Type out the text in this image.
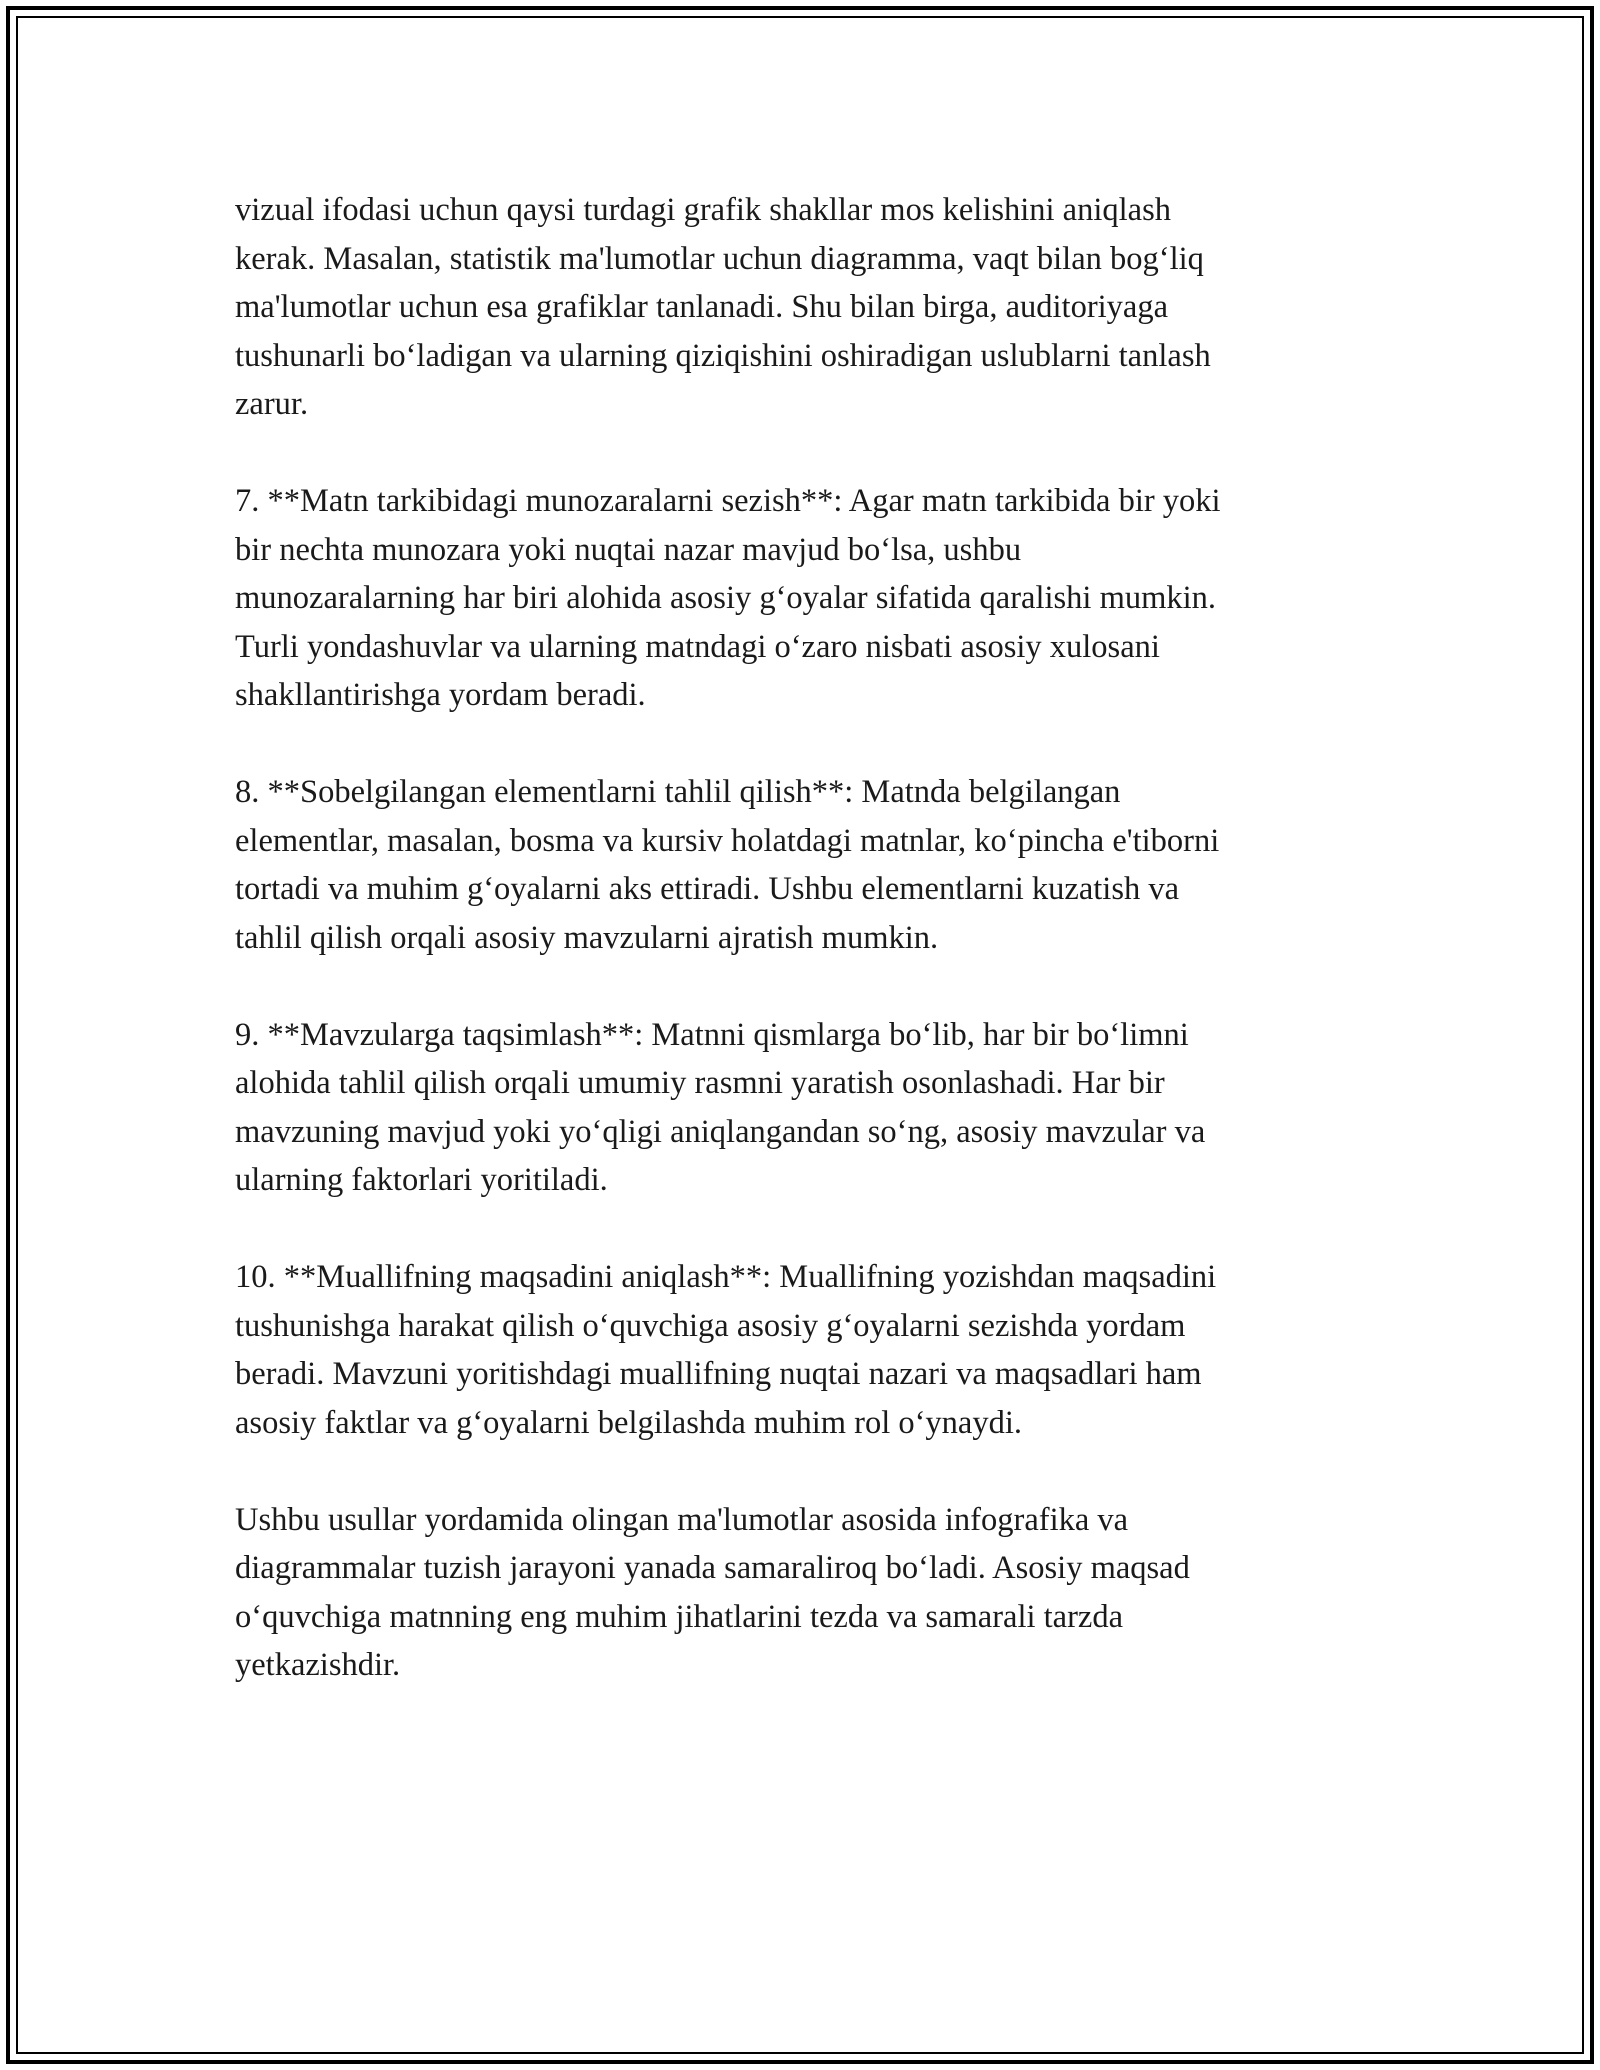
vizual ifodasi uchun qaysi turdagi grafik shakllar mos kelishini aniqlash
kerak. Masalan, statistik ma'lumotlar uchun diagramma, vaqt bilan bog‘liq
ma'lumotlar uchun esa grafiklar tanlanadi. Shu bilan birga, auditoriyaga
tushunarli bo‘ladigan va ularning qiziqishini oshiradigan uslublarni tanlash
zarur.

7. **Matn tarkibidagi munozaralarni sezish**: Agar matn tarkibida bir yoki
bir nechta munozara yoki nuqtai nazar mavjud bo‘lsa, ushbu
munozaralarning har biri alohida asosiy g‘oyalar sifatida qaralishi mumkin.
Turli yondashuvlar va ularning matndagi o‘zaro nisbati asosiy xulosani
shakllantirishga yordam beradi.

8. **Sobelgilangan elementlarni tahlil qilish**: Matnda belgilangan
elementlar, masalan, bosma va kursiv holatdagi matnlar, ko‘pincha e'tiborni
tortadi va muhim g‘oyalarni aks ettiradi. Ushbu elementlarni kuzatish va
tahlil qilish orqali asosiy mavzularni ajratish mumkin.

9. **Mavzularga taqsimlash**: Matnni qismlarga bo‘lib, har bir bo‘limni
alohida tahlil qilish orqali umumiy rasmni yaratish osonlashadi. Har bir
mavzuning mavjud yoki yo‘qligi aniqlangandan so‘ng, asosiy mavzular va
ularning faktorlari yoritiladi.

10. **Muallifning maqsadini aniqlash**: Muallifning yozishdan maqsadini
tushunishga harakat qilish o‘quvchiga asosiy g‘oyalarni sezishda yordam
beradi. Mavzuni yoritishdagi muallifning nuqtai nazari va maqsadlari ham
asosiy faktlar va g‘oyalarni belgilashda muhim rol o‘ynaydi.

Ushbu usullar yordamida olingan ma'lumotlar asosida infografika va
diagrammalar tuzish jarayoni yanada samaraliroq bo‘ladi. Asosiy maqsad
o‘quvchiga matnning eng muhim jihatlarini tezda va samarali tarzda
yetkazishdir.
